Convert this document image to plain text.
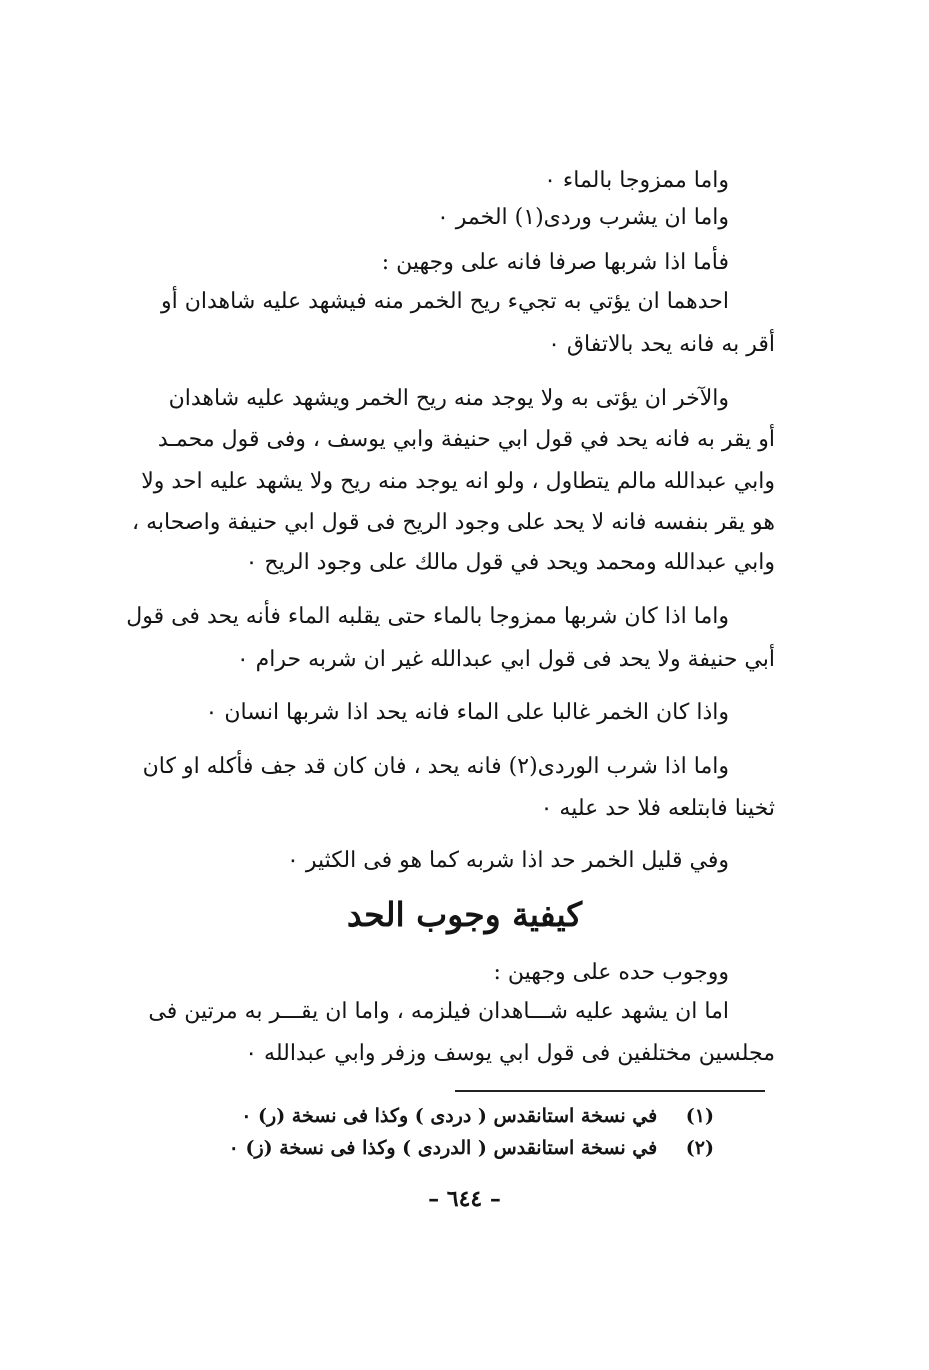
واما ممزوجا بالماء ٠

واما ان يشرب وردى(١) الخمر ٠

فأما اذا شربها صرفا فانه على وجهين :

احدهما ان يؤتي به تجيء ريح الخمر منه فيشهد عليه شاهدان أو

أقر به فانه يحد بالاتفاق ٠

والآخر ان يؤتى به ولا يوجد منه ريح الخمر ويشهد عليه شاهدان

أو يقر به فانه يحد في قول ابي حنيفة وابي يوسف ، وفى قول محمـد

وابي عبدالله مالم يتطاول ، ولو انه يوجد منه ريح ولا يشهد عليه احد ولا

هو يقر بنفسه فانه لا يحد على وجود الريح فى قول ابي حنيفة واصحابه ،

وابي عبدالله ومحمد ويحد في قول مالك على وجود الريح ٠

واما اذا كان شربها ممزوجا بالماء حتى يقلبه الماء فأنه يحد فى قول

أبي حنيفة ولا يحد فى قول ابي عبدالله غير ان شربه حرام ٠

واذا كان الخمر غالبا على الماء فانه يحد اذا شربها انسان ٠

واما اذا شرب الوردى(٢) فانه يحد ، فان كان قد جف فأكله او كان

ثخينا فابتلعه فلا حد عليه ٠

وفي قليل الخمر حد اذا شربه كما هو فى الكثير ٠

كيفية وجوب الحد

ووجوب حده على وجهين :

اما ان يشهد عليه شـــاهدان فيلزمه ، واما ان يقـــر به مرتين فى

مجلسين مختلفين فى قول ابي يوسف وزفر وابي عبدالله ٠

(١) في نسخة استانقدس ( دردى ) وكذا فى نسخة (ر) ٠
(٢) في نسخة استانقدس ( الدردى ) وكذا فى نسخة (ز) ٠
– ٦٤٤ –
